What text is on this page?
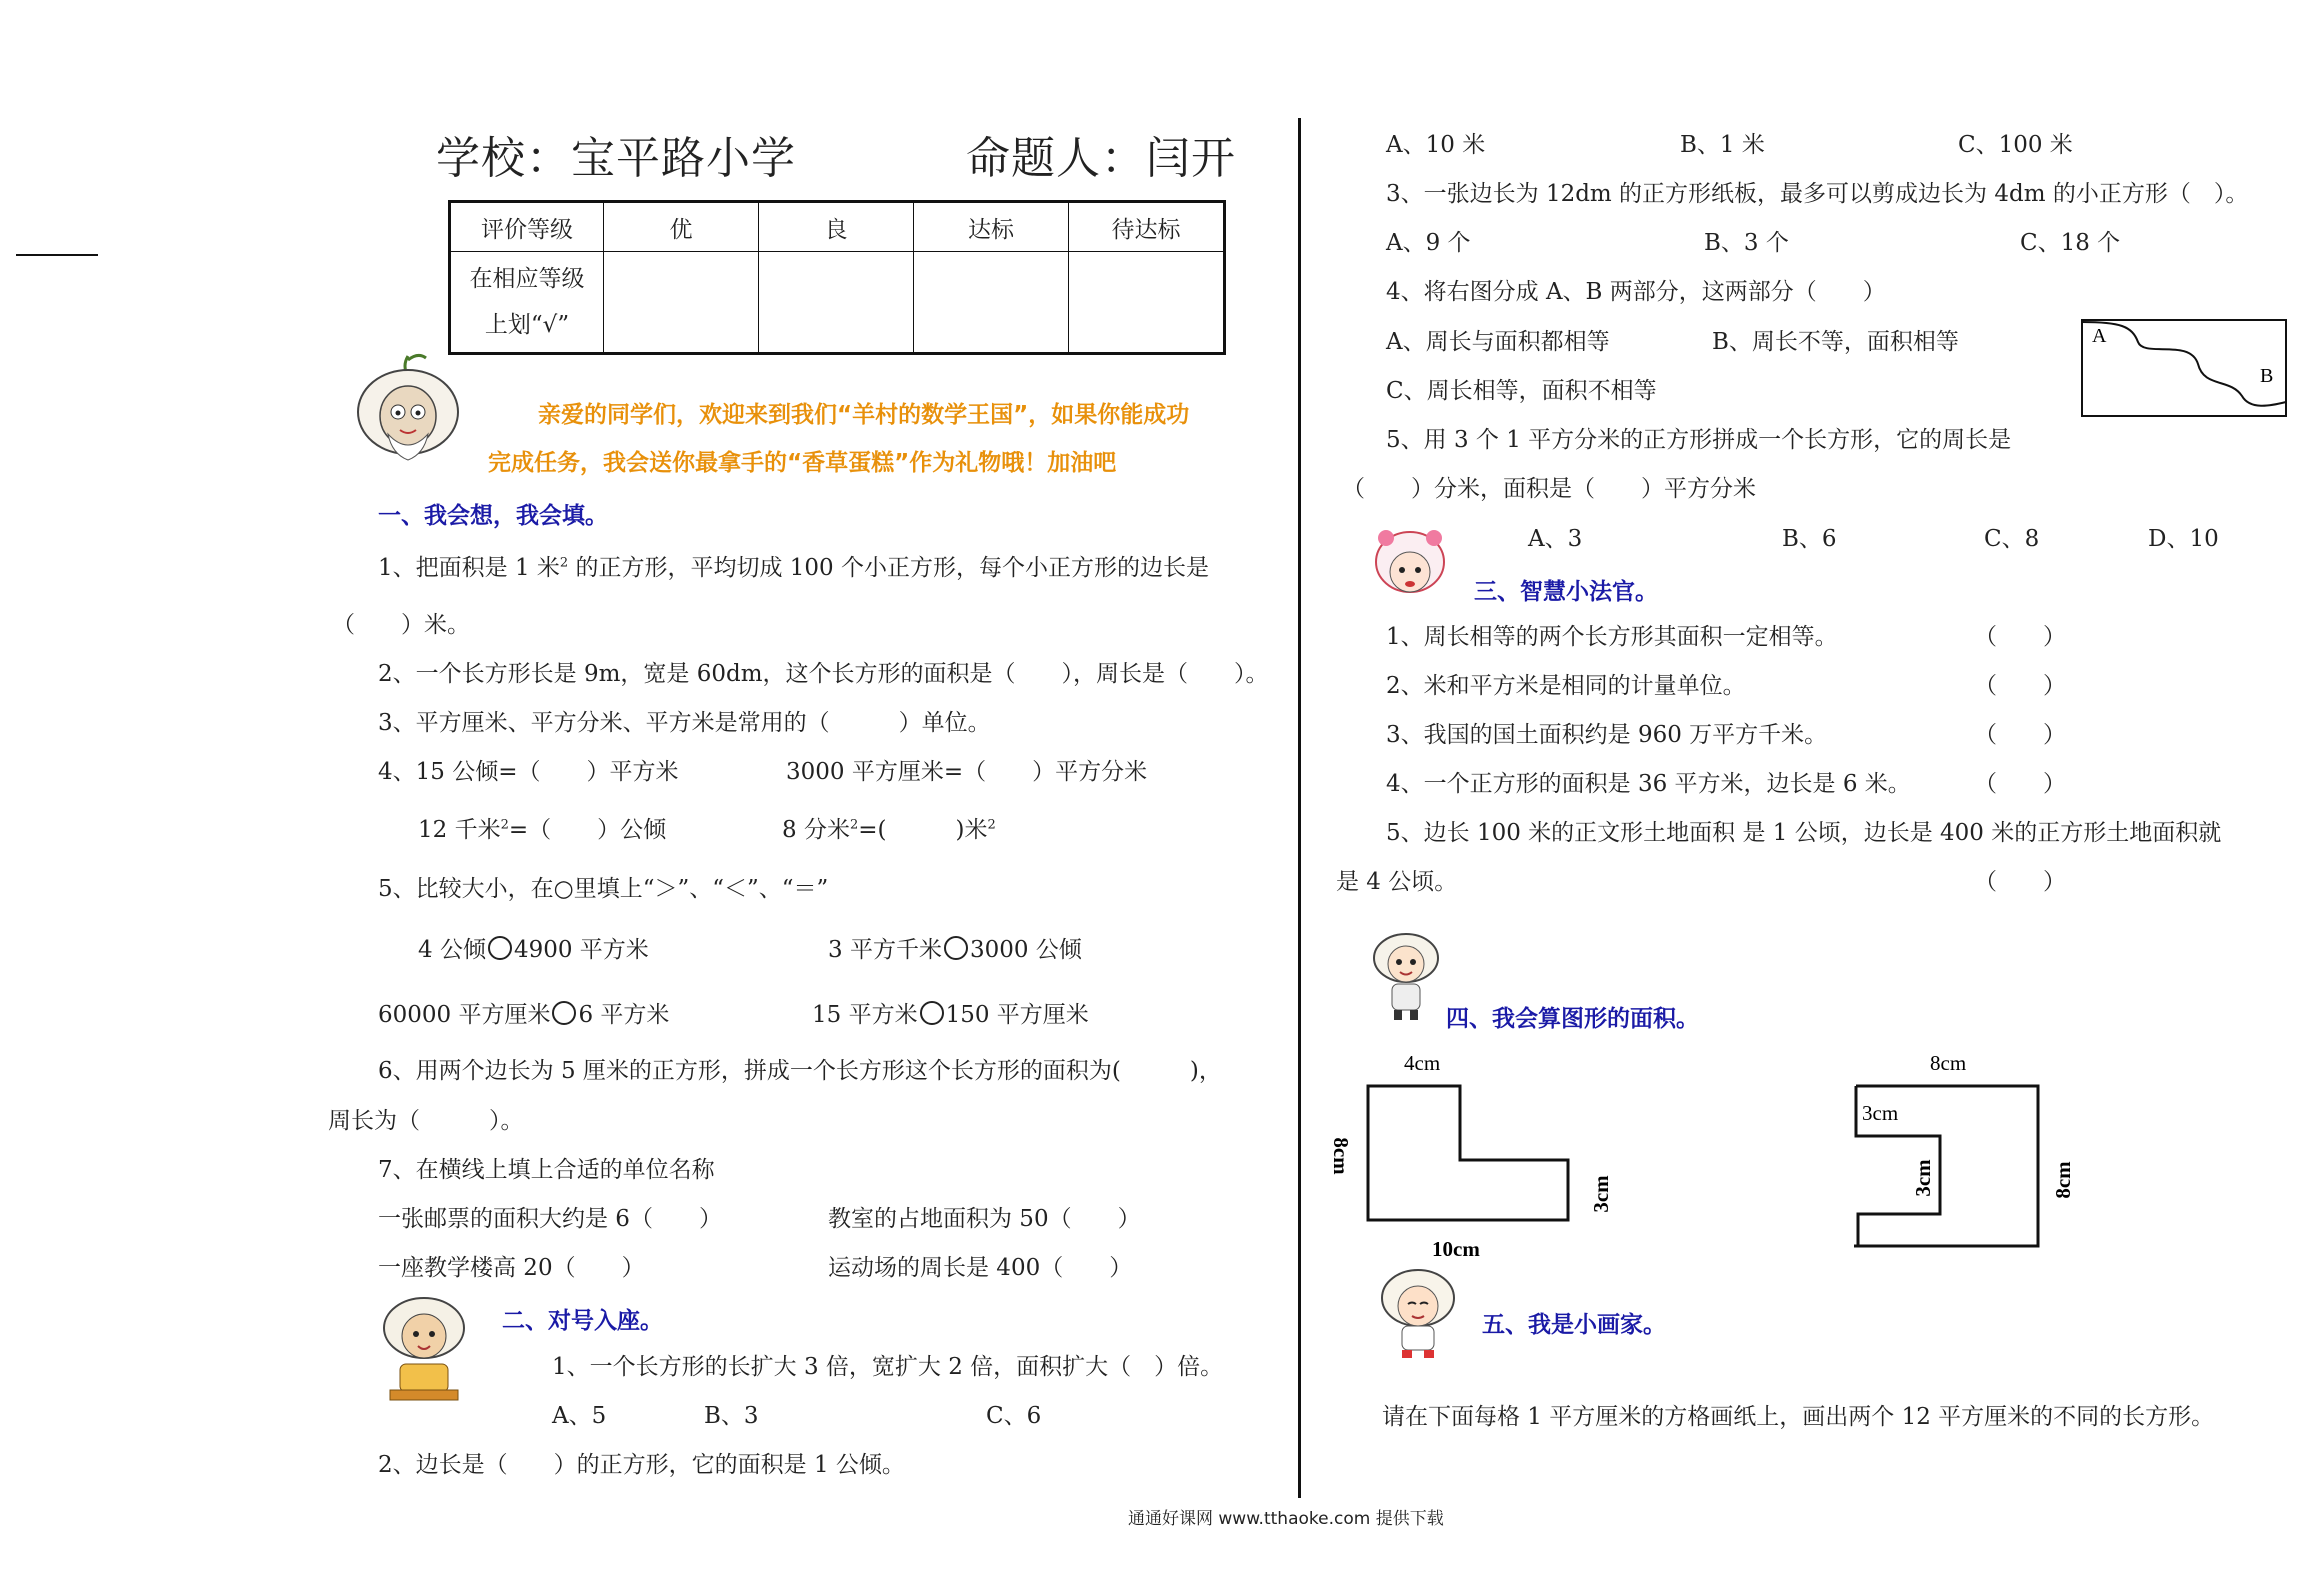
学校：宝平路小学	命题人：闫开
评价等级	优	良	达标	待达标
在相应等级
上划“√”				
亲爱的同学们，欢迎来到我们“羊村的数学王国”，如果你能成功
完成任务，我会送你最拿手的“香草蛋糕”作为礼物哦！加油吧
一、我会想，我会填。
1、把面积是 1 米$^2$ 的正方形，平均切成 100 个小正方形，每个小正方形的边长是
（　　）米。
2、一个长方形长是 9m，宽是 60dm，这个长方形的面积是（　　），周长是（　　）。
3、平方厘米、平方分米、平方米是常用的（　　　）单位。
4、15 公倾=（　　）平方米	3000 平方厘米=（　　）平方分米
12 千米$^2$=（　　）公倾	8 分米$^2$=(　　　)米$^2$
5、比较大小，在○里填上“＞”、“＜”、“＝”
4 公倾 4900 平方米	3 平方千米 3000 公倾
60000 平方厘米 6 平方米	15 平方米 150 平方厘米
6、用两个边长为 5 厘米的正方形，拼成一个长方形这个长方形的面积为(　　　)，
周长为（　　　）。
7、在横线上填上合适的单位名称
一张邮票的面积大约是 6（　　）	教室的占地面积为 50（　　）
一座教学楼高 20（　　）	运动场的周长是 400（　　）
二、对号入座。
1、一个长方形的长扩大 3 倍，宽扩大 2 倍，面积扩大（　）倍。
A、5	B、3	C、6
2、边长是（　　）的正方形，它的面积是 1 公倾。
A、10 米	B、1 米	C、100 米
3、一张边长为 12dm 的正方形纸板，最多可以剪成边长为 4dm 的小正方形（　）。
A、9 个	B、3 个	C、18 个
4、将右图分成 A、B 两部分，这两部分（　　）
A、周长与面积都相等	B、周长不等，面积相等
C、周长相等，面积不相等
A
B
5、用 3 个 1 平方分米的正方形拼成一个长方形，它的周长是
（　　）分米，面积是（　　）平方分米
A、3	B、6	C、8	D、10
三、智慧小法官。
1、周长相等的两个长方形其面积一定相等。	（　　）
2、米和平方米是相同的计量单位。	（　　）
3、我国的国土面积约是 960 万平方千米。	（　　）
4、一个正方形的面积是 36 平方米，边长是 6 米。	（　　）
5、边长 100 米的正文形土地面积 是 1 公顷，边长是 400 米的正方形土地面积就
是 4 公顷。	（　　）
四、我会算图形的面积。
4cm
8cm
3cm
10cm
8cm
3cm
3cm	8cm
五、我是小画家。
请在下面每格 1 平方厘米的方格画纸上，画出两个 12 平方厘米的不同的长方形。
通通好课网 www.tthaoke.com 提供下载
